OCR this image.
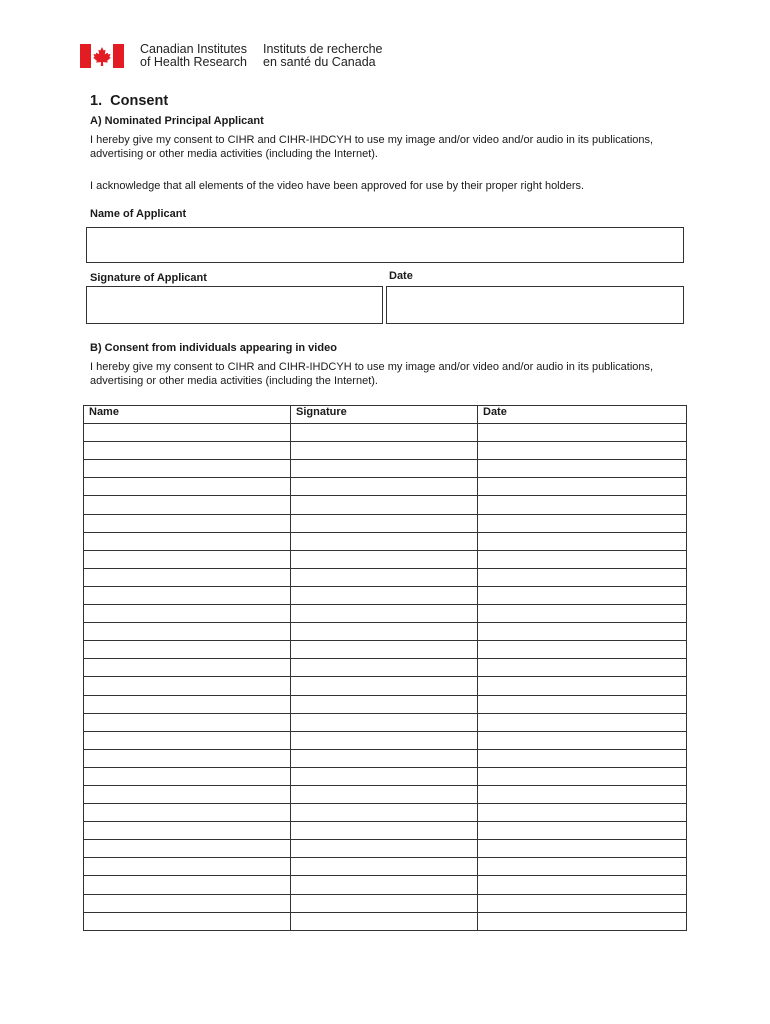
Canadian Institutes
of Health Research
Instituts de recherche
en santé du Canada
1.  Consent
A) Nominated Principal Applicant
I hereby give my consent to CIHR and CIHR-IHDCYH to use my image and/or video and/or audio in its publications, advertising or other media activities (including the Internet).
I acknowledge that all elements of the video have been approved for use by their proper right holders.
Name of Applicant
Signature of Applicant	Date
B) Consent from individuals appearing in video
I hereby give my consent to CIHR and CIHR-IHDCYH to use my image and/or video and/or audio in its publications, advertising or other media activities (including the Internet).
Name	Signature	Date
